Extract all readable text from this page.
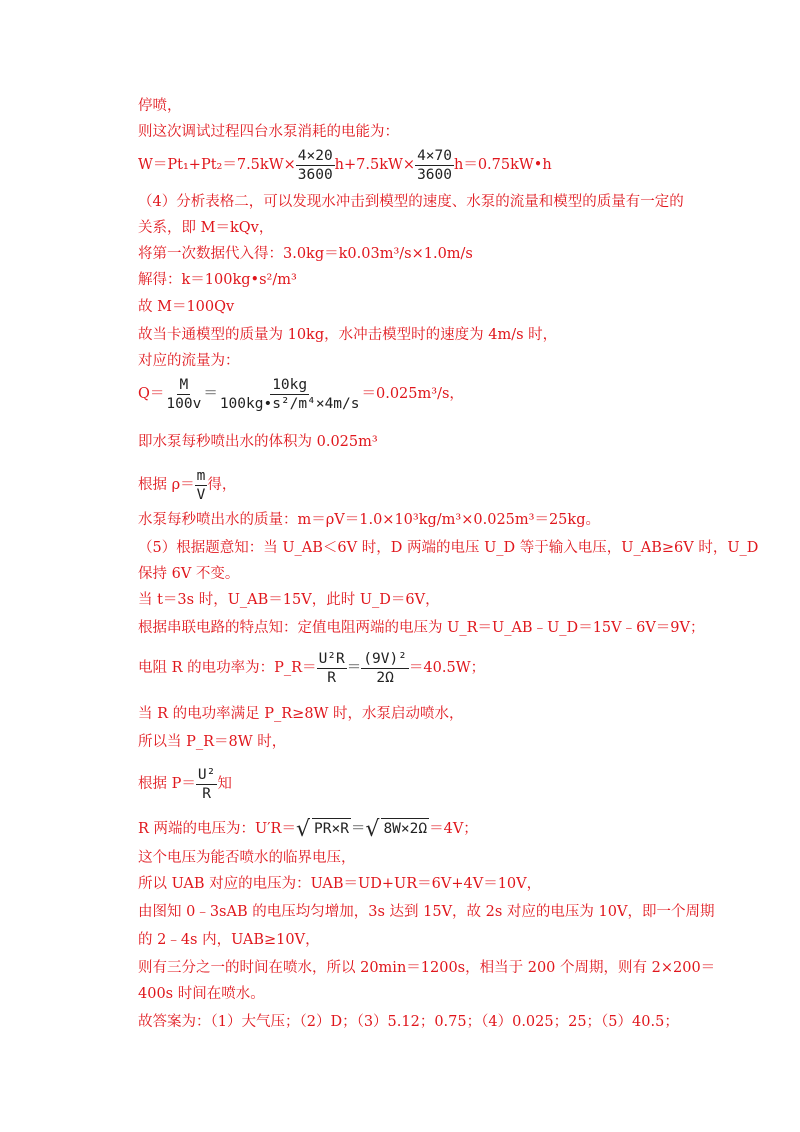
停喷，
则这次调试过程四台水泵消耗的电能为：
$W=Pt_1+Pt_2=7.5kW\times \frac{4\times 20}{3600} h+7.5kW\times \frac{4\times 70}{3600}$ h＝0.75kW•h
（4）分析表格二，可以发现水冲击到模型的速度、水泵的流量和模型的质量有一定的
关系，即 M＝kQv，
将第一次数据代入得：3.0kg＝k0.03m³/s×1.0m/s
解得：k＝100kg•s²/m³
故 M＝100Qv
故当卡通模型的质量为 10kg，水冲击模型时的速度为 4m/s 时，
对应的流量为：
$Q= \frac{M}{100v} = \frac{10kg}{\text{100kg•s²/m⁴×4m/s}} =0.025m^3/s$，
即水泵每秒喷出水的体积为 0.025m³
根据 $\rho= \frac{m}{V}$ 得，
水泵每秒喷出水的质量：m＝ρV＝1.0×10³kg/m³×0.025m³＝25kg。
（5）根据题意知：当 U_AB＜6V 时，D 两端的电压 U_D 等于输入电压，U_AB≥6V 时，U_D
保持 6V 不变。
当 t＝3s 时，U_AB＝15V，此时 U_D＝6V，
根据串联电路的特点知：定值电阻两端的电压为 U_R＝U_AB﹣U_D＝15V﹣6V＝9V；
电阻 R 的电功率为：P_R＝ $\frac{\text{U²R}}{R} = \frac{\text{(9V)²}}{2\Omega} =40.5W$；
当 R 的电功率满足 P_R≥8W 时，水泵启动喷水，
所以当 P_R＝8W 时，
根据 $P= \frac{\text{U²}}{R}$ 知
R 两端的电压为：U′R＝√ PR×R ＝√ 8W×2Ω ＝4V；
这个电压为能否喷水的临界电压，
所以 UAB 对应的电压为：UAB＝UD+UR＝6V+4V＝10V，
由图知 0﹣3sAB 的电压均匀增加，3s 达到 15V，故 2s 对应的电压为 10V，即一个周期
的 2﹣4s 内，UAB≥10V，
则有三分之一的时间在喷水，所以 20min＝1200s，相当于 200 个周期，则有 2×200＝
400s 时间在喷水。
故答案为：（1）大气压；（2）D；（3）5.12；0.75；（4）0.025；25；（5）40.5；
